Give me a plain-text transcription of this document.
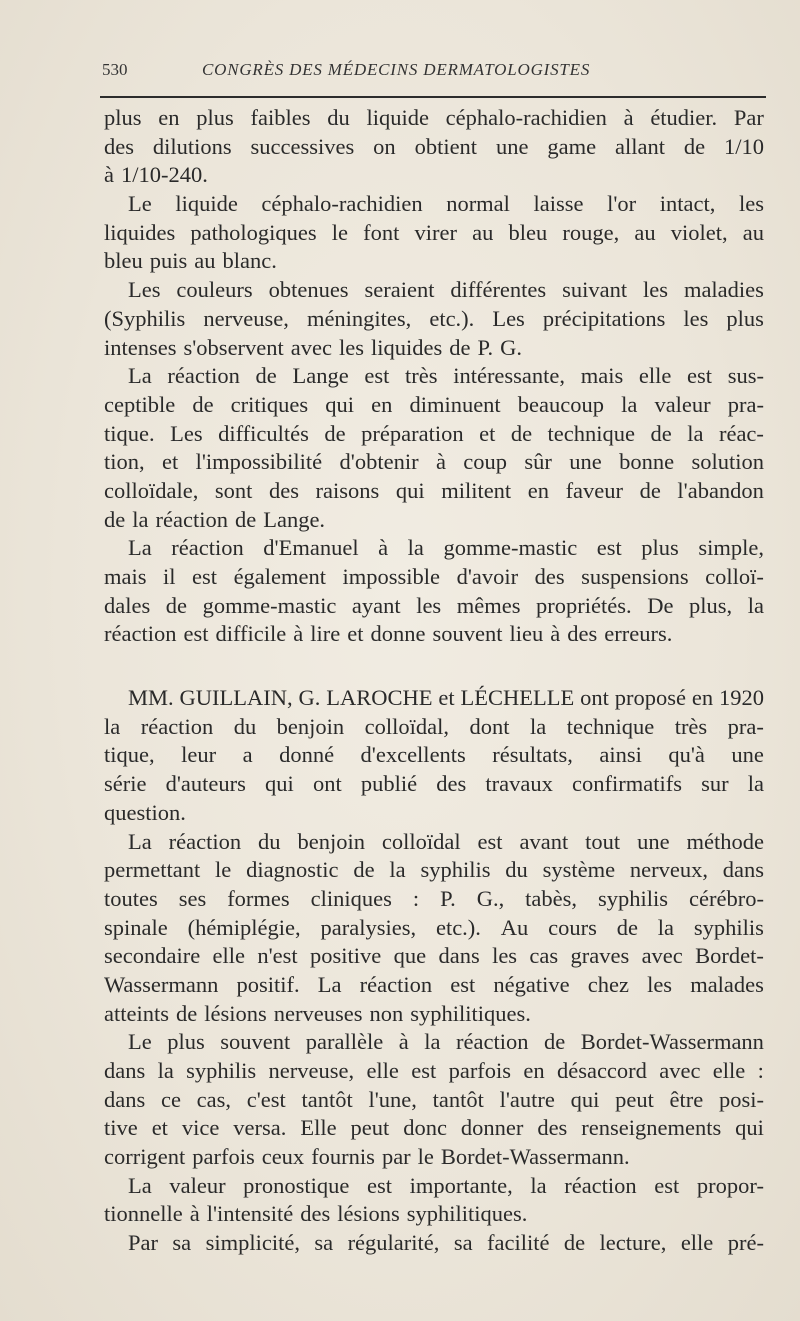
530	CONGRÈS DES MÉDECINS DERMATOLOGISTES
plus en plus faibles du liquide céphalo-rachidien à étudier. Par
des dilutions successives on obtient une game allant de 1/10
à 1/10-240.
Le liquide céphalo-rachidien normal laisse l'or intact, les
liquides pathologiques le font virer au bleu rouge, au violet, au
bleu puis au blanc.
Les couleurs obtenues seraient différentes suivant les maladies
(Syphilis nerveuse, méningites, etc.). Les précipitations les plus
intenses s'observent avec les liquides de P. G.
La réaction de Lange est très intéressante, mais elle est sus-
ceptible de critiques qui en diminuent beaucoup la valeur pra-
tique. Les difficultés de préparation et de technique de la réac-
tion, et l'impossibilité d'obtenir à coup sûr une bonne solution
colloïdale, sont des raisons qui militent en faveur de l'abandon
de la réaction de Lange.
La réaction d'Emanuel à la gomme-mastic est plus simple,
mais il est également impossible d'avoir des suspensions colloï-
dales de gomme-mastic ayant les mêmes propriétés. De plus, la
réaction est difficile à lire et donne souvent lieu à des erreurs.
MM. GUILLAIN, G. LAROCHE et LÉCHELLE ont proposé en 1920
la réaction du benjoin colloïdal, dont la technique très pra-
tique, leur a donné d'excellents résultats, ainsi qu'à une
série d'auteurs qui ont publié des travaux confirmatifs sur la
question.
La réaction du benjoin colloïdal est avant tout une méthode
permettant le diagnostic de la syphilis du système nerveux, dans
toutes ses formes cliniques : P. G., tabès, syphilis cérébro-
spinale (hémiplégie, paralysies, etc.). Au cours de la syphilis
secondaire elle n'est positive que dans les cas graves avec Bordet-
Wassermann positif. La réaction est négative chez les malades
atteints de lésions nerveuses non syphilitiques.
Le plus souvent parallèle à la réaction de Bordet-Wassermann
dans la syphilis nerveuse, elle est parfois en désaccord avec elle :
dans ce cas, c'est tantôt l'une, tantôt l'autre qui peut être posi-
tive et vice versa. Elle peut donc donner des renseignements qui
corrigent parfois ceux fournis par le Bordet-Wassermann.
La valeur pronostique est importante, la réaction est propor-
tionnelle à l'intensité des lésions syphilitiques.
Par sa simplicité, sa régularité, sa facilité de lecture, elle pré-
